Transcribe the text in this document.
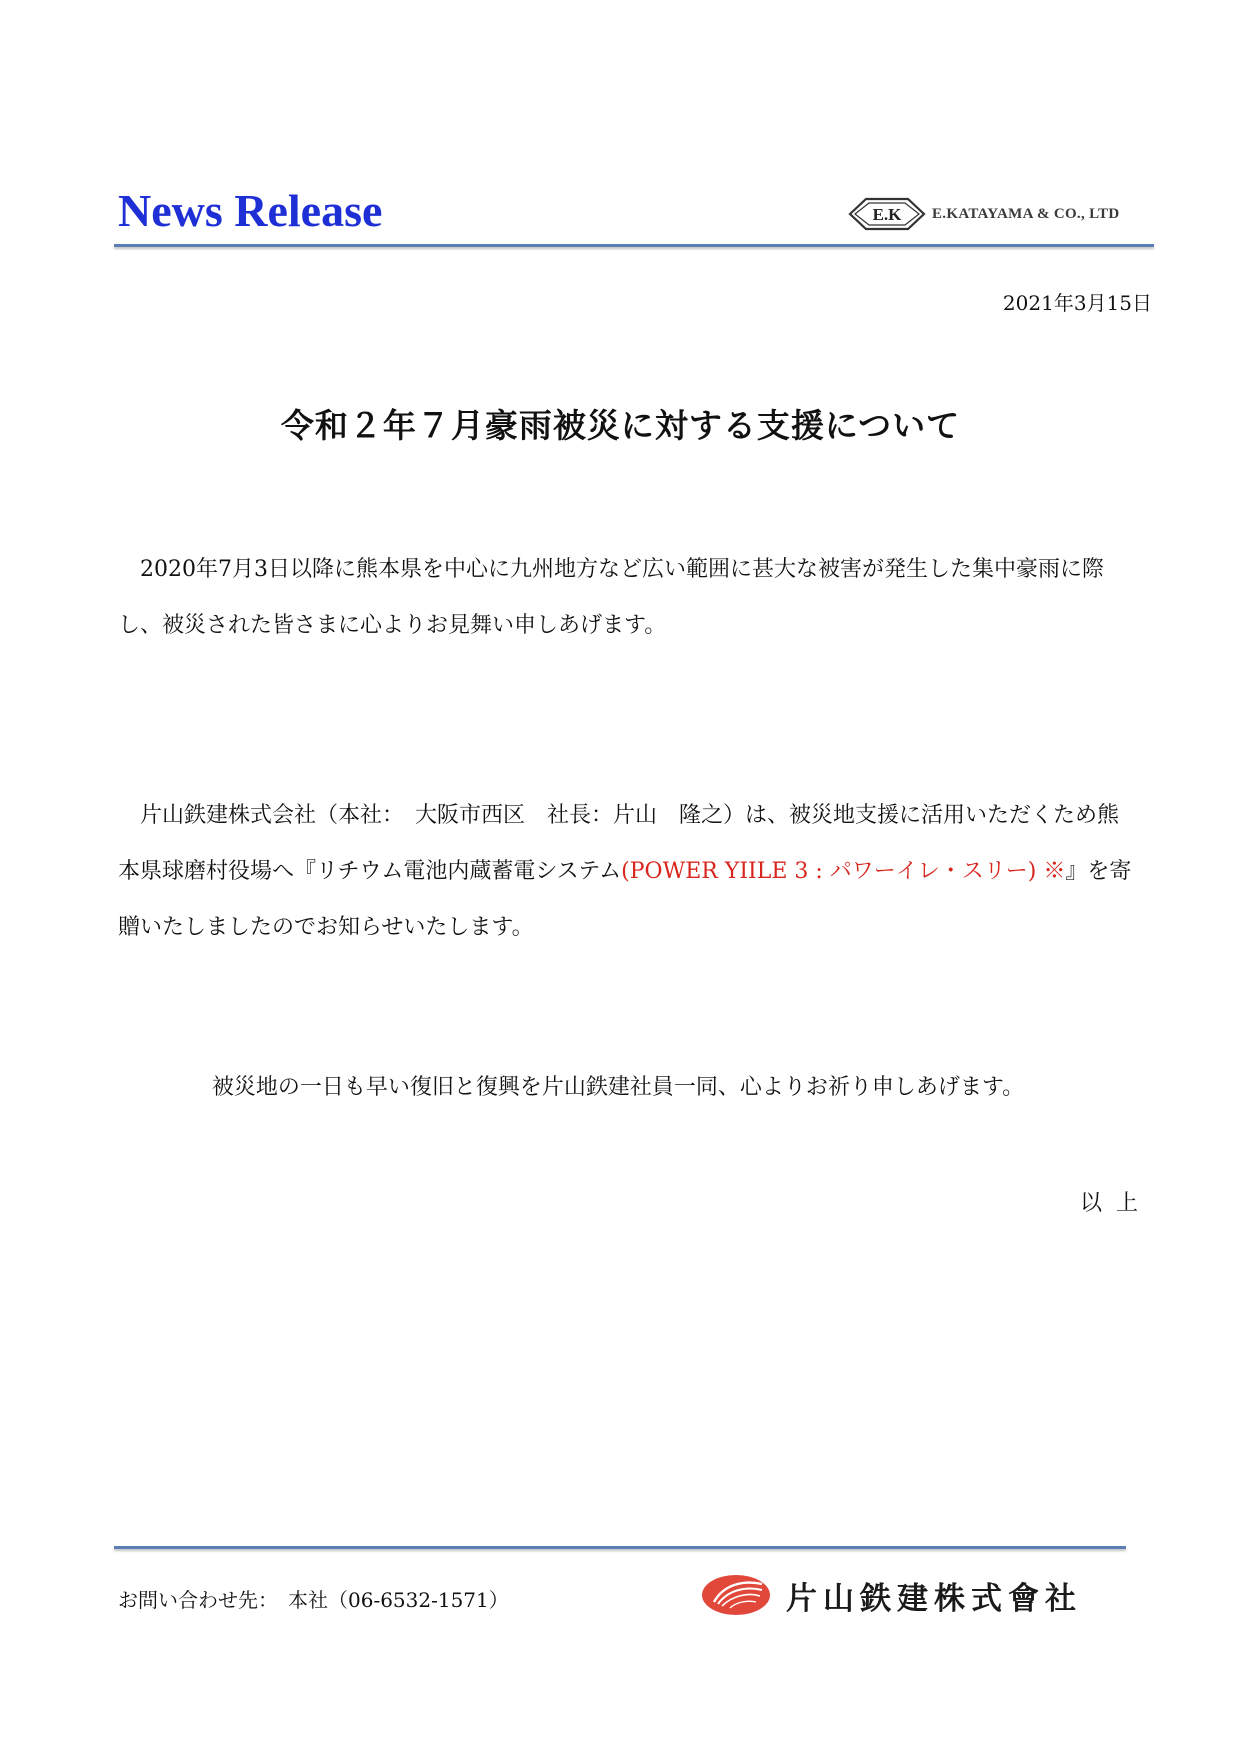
News Release	E.K E.KATAYAMA & CO., LTD
2021年3月15日
令和２年７月豪雨被災に対する支援について

　2020年7月3日以降に熊本県を中心に九州地方など広い範囲に甚大な被害が発生した集中豪雨に際し、被災された皆さまに心よりお見舞い申しあげます。

　片山鉄建株式会社（本社：　大阪市西区　社長：片山　隆之）は、被災地支援に活用いただくため熊本県球磨村役場へ『リチウム電池内蔵蓄電システム(POWER YIILE 3 : パワーイレ・スリー) ※』を寄贈いたしましたのでお知らせいたします。

被災地の一日も早い復旧と復興を片山鉄建社員一同、心よりお祈り申しあげます。

以上
お問い合わせ先：　本社（06-6532-1571）	片山鉄建株式會社
